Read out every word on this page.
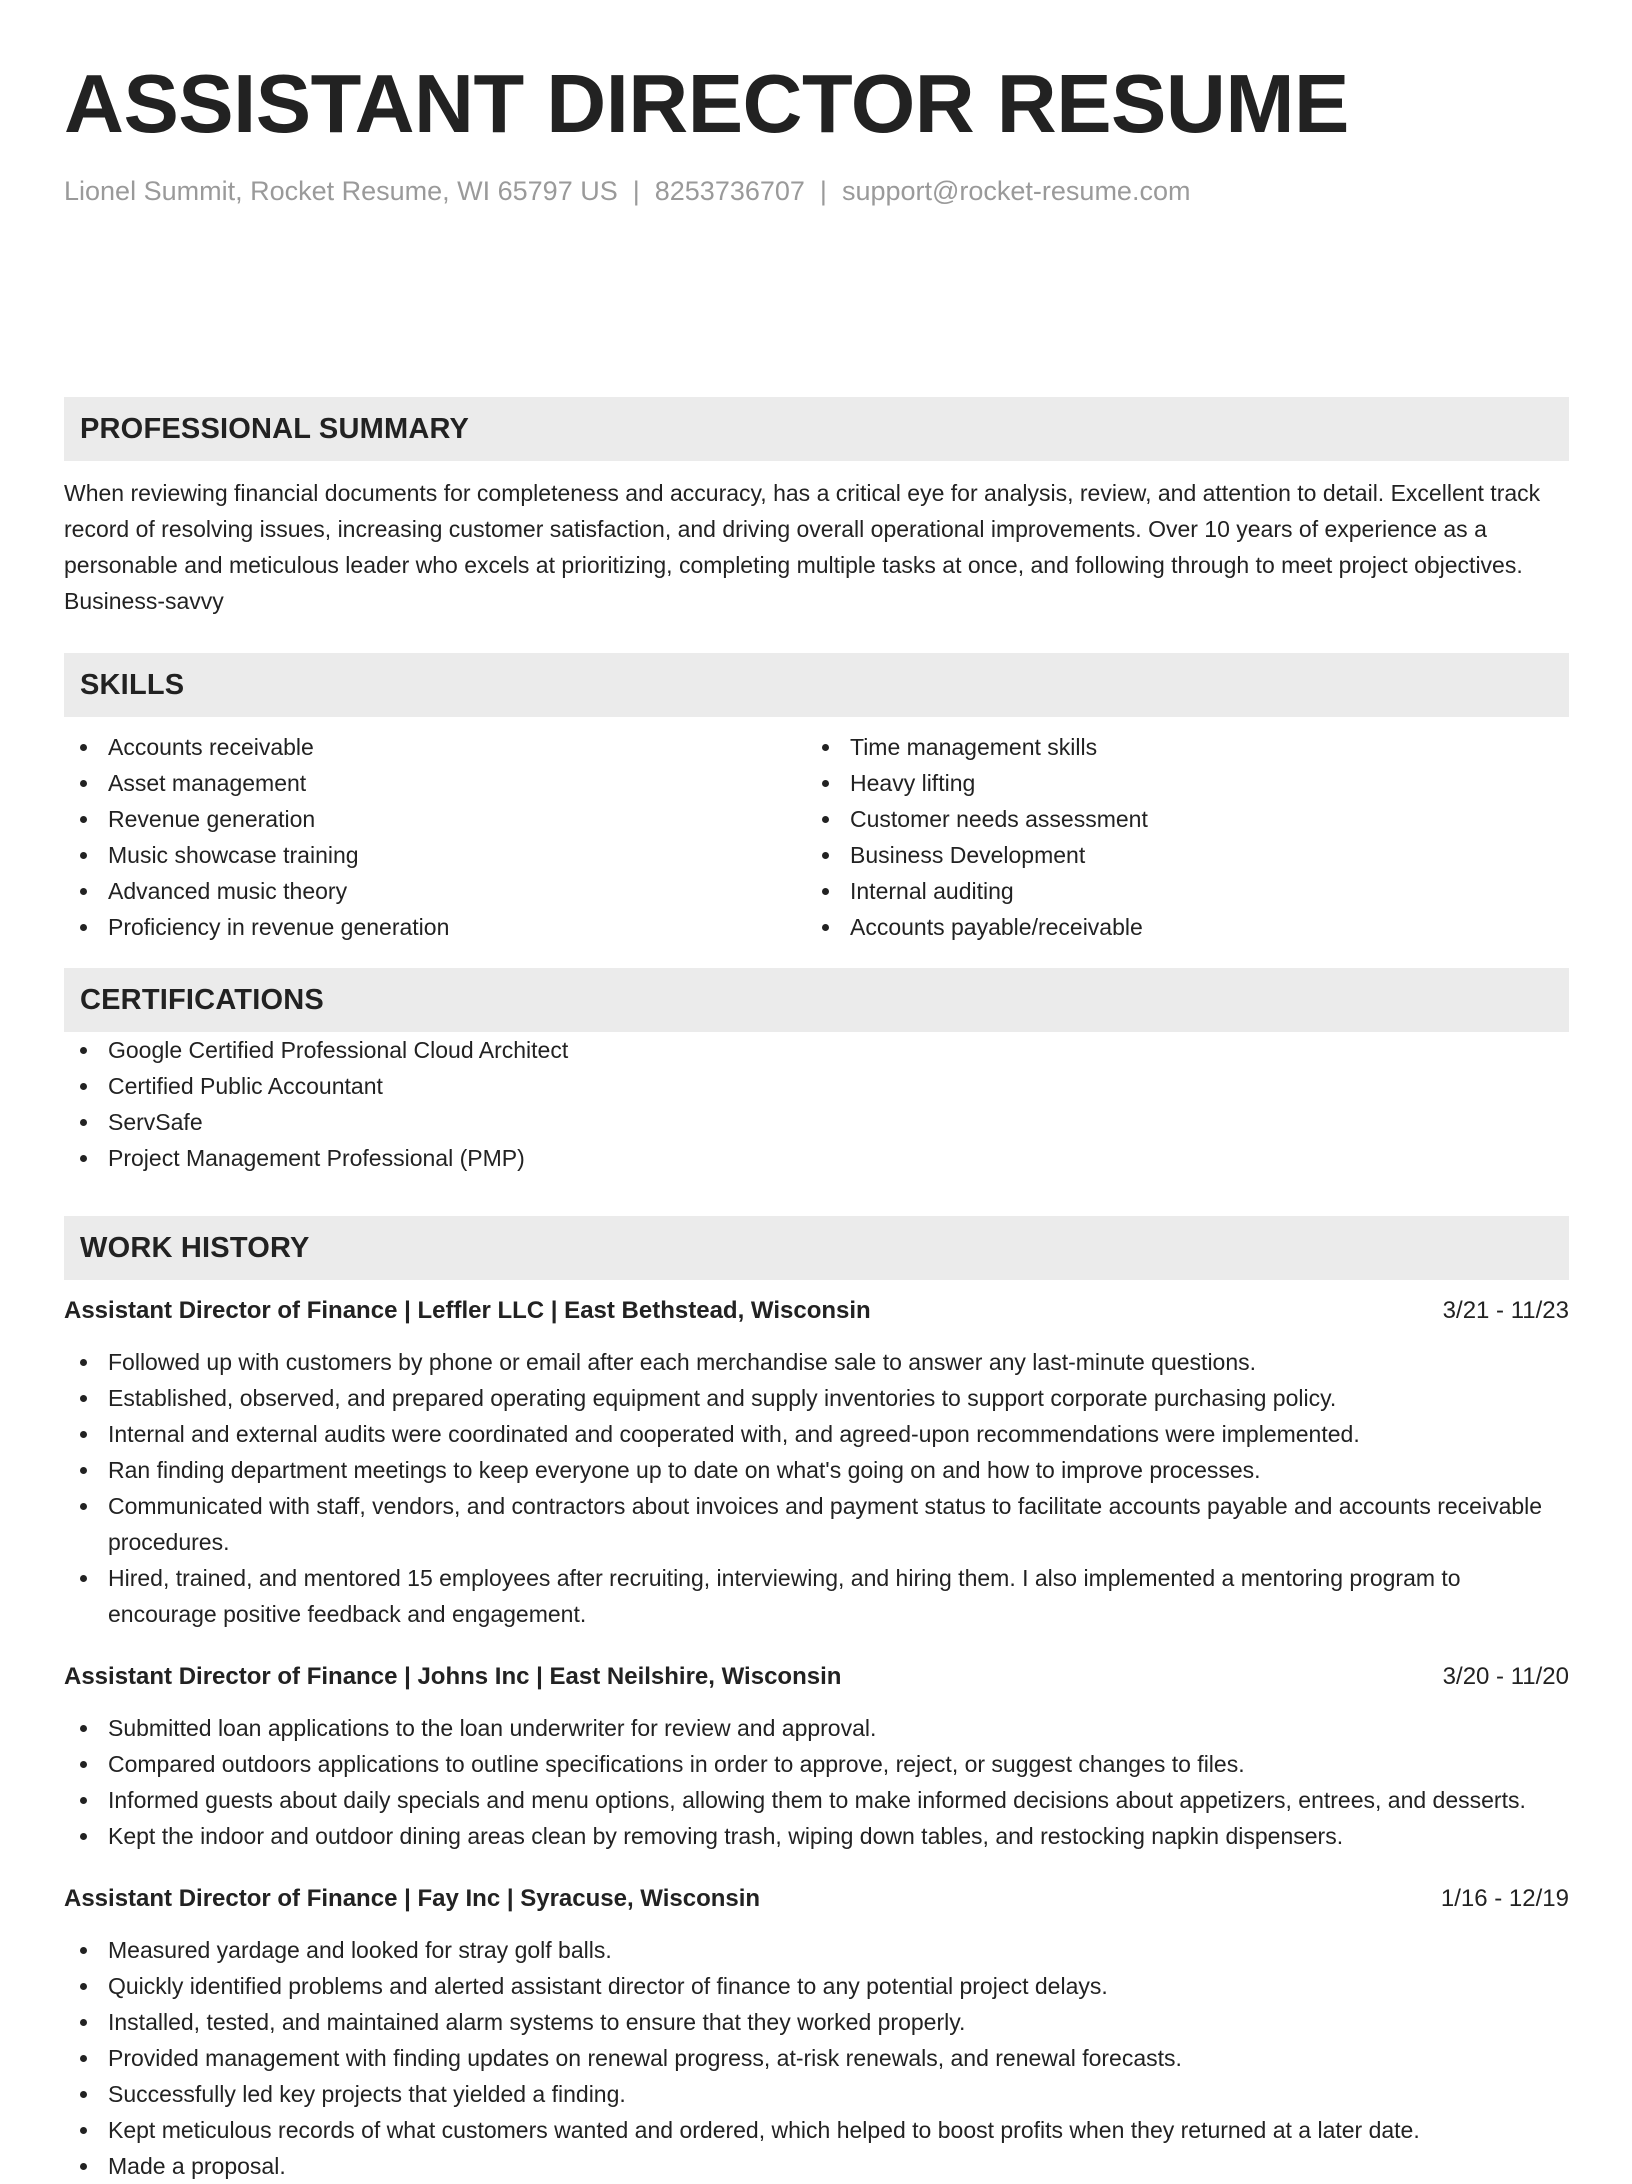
ASSISTANT DIRECTOR RESUME
Lionel Summit, Rocket Resume, WI 65797 US | 8253736707 | support@rocket-resume.com
PROFESSIONAL SUMMARY

When reviewing financial documents for completeness and accuracy, has a critical eye for analysis, review, and attention to detail. Excellent track record of resolving issues, increasing customer satisfaction, and driving overall operational improvements. Over 10 years of experience as a personable and meticulous leader who excels at prioritizing, completing multiple tasks at once, and following through to meet project objectives. Business-savvy

SKILLS
Accounts receivable
Asset management
Revenue generation
Music showcase training
Advanced music theory
Proficiency in revenue generation
Time management skills
Heavy lifting
Customer needs assessment
Business Development
Internal auditing
Accounts payable/receivable
CERTIFICATIONS
Google Certified Professional Cloud Architect
Certified Public Accountant
ServSafe
Project Management Professional (PMP)
WORK HISTORY
Assistant Director of Finance | Leffler LLC | East Bethstead, Wisconsin	3/21 - 11/23
Followed up with customers by phone or email after each merchandise sale to answer any last-minute questions.
Established, observed, and prepared operating equipment and supply inventories to support corporate purchasing policy.
Internal and external audits were coordinated and cooperated with, and agreed-upon recommendations were implemented.
Ran finding department meetings to keep everyone up to date on what's going on and how to improve processes.
Communicated with staff, vendors, and contractors about invoices and payment status to facilitate accounts payable and accounts receivable procedures.
Hired, trained, and mentored 15 employees after recruiting, interviewing, and hiring them. I also implemented a mentoring program to encourage positive feedback and engagement.
Assistant Director of Finance | Johns Inc | East Neilshire, Wisconsin	3/20 - 11/20
Submitted loan applications to the loan underwriter for review and approval.
Compared outdoors applications to outline specifications in order to approve, reject, or suggest changes to files.
Informed guests about daily specials and menu options, allowing them to make informed decisions about appetizers, entrees, and desserts.
Kept the indoor and outdoor dining areas clean by removing trash, wiping down tables, and restocking napkin dispensers.
Assistant Director of Finance | Fay Inc | Syracuse, Wisconsin	1/16 - 12/19
Measured yardage and looked for stray golf balls.
Quickly identified problems and alerted assistant director of finance to any potential project delays.
Installed, tested, and maintained alarm systems to ensure that they worked properly.
Provided management with finding updates on renewal progress, at-risk renewals, and renewal forecasts.
Successfully led key projects that yielded a finding.
Kept meticulous records of what customers wanted and ordered, which helped to boost profits when they returned at a later date.
Made a proposal.
